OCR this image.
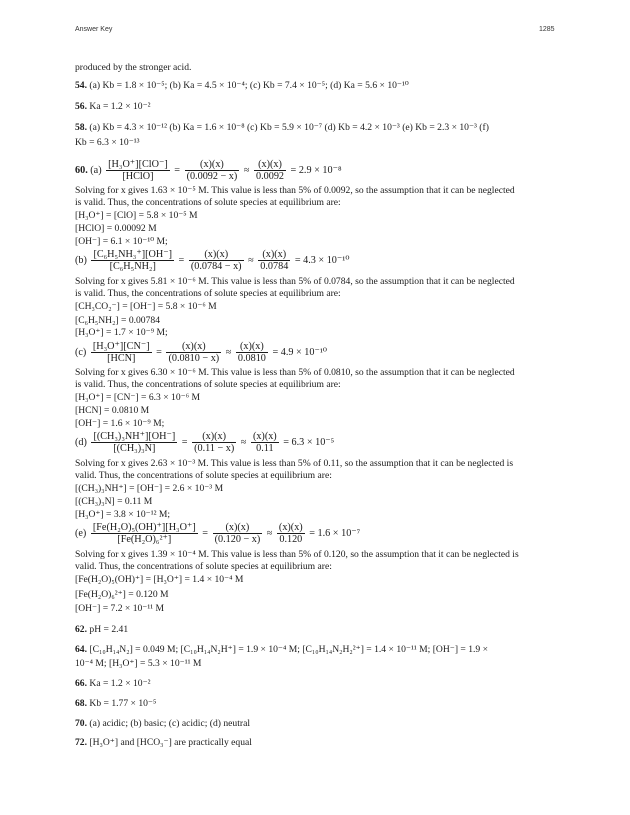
Answer Key	1285
produced by the stronger acid.
54. (a) Kb = 1.8 × 10⁻⁵; (b) Ka = 4.5 × 10⁻⁴; (c) Kb = 7.4 × 10⁻⁵; (d) Ka = 5.6 × 10⁻¹⁰
56. Ka = 1.2 × 10⁻²
58. (a) Kb = 4.3 × 10⁻¹² (b) Ka = 1.6 × 10⁻⁸ (c) Kb = 5.9 × 10⁻⁷ (d) Kb = 4.2 × 10⁻³ (e) Kb = 2.3 × 10⁻³ (f)
Kb = 6.3 × 10⁻¹³
60. $(a) \frac{\text{[H₃O⁺][ClO⁻]}}{\text{[HClO]}} = \frac{(x)(x)}{(0.0092 - x)} \approx \frac{(x)(x)}{0.0092} = 2.9 \times 10^{-8}$
Solving for x gives 1.63 × 10⁻⁵ M. This value is less than 5% of 0.0092, so the assumption that it can be neglected
is valid. Thus, the concentrations of solute species at equilibrium are:
[H₃O⁺] = [ClO] = 5.8 × 10⁻⁵ M
[HClO] = 0.00092 M
[OH⁻] = 6.1 × 10⁻¹⁰ M;
$(b) \frac{\text{[C₆H₅NH₃⁺][OH⁻]}}{\text{[C₆H₅NH₂]}} = \frac{(x)(x)}{(0.0784 - x)} \approx \frac{(x)(x)}{0.0784} = 4.3 \times 10^{-10}$
Solving for x gives 5.81 × 10⁻⁶ M. This value is less than 5% of 0.0784, so the assumption that it can be neglected
is valid. Thus, the concentrations of solute species at equilibrium are:
[CH₃CO₂⁻] = [OH⁻] = 5.8 × 10⁻⁶ M
[C₆H₅NH₂] = 0.00784
[H₃O⁺] = 1.7 × 10⁻⁹ M;
$(c) \frac{\text{[H₃O⁺][CN⁻]}}{\text{[HCN]}} = \frac{(x)(x)}{(0.0810 - x)} \approx \frac{(x)(x)}{0.0810} = 4.9 \times 10^{-10}$
Solving for x gives 6.30 × 10⁻⁶ M. This value is less than 5% of 0.0810, so the assumption that it can be neglected
is valid. Thus, the concentrations of solute species at equilibrium are:
[H₃O⁺] = [CN⁻] = 6.3 × 10⁻⁶ M
[HCN] = 0.0810 M
[OH⁻] = 1.6 × 10⁻⁹ M;
$(d) \frac{\text{[(CH₃)₃NH⁺][OH⁻]}}{\text{[(CH₃)₃N]}} = \frac{(x)(x)}{(0.11 - x)} \approx \frac{(x)(x)}{0.11} = 6.3 \times 10^{-5}$
Solving for x gives 2.63 × 10⁻³ M. This value is less than 5% of 0.11, so the assumption that it can be neglected is
valid. Thus, the concentrations of solute species at equilibrium are:
[(CH₃)₃NH⁺] = [OH⁻] = 2.6 × 10⁻³ M
[(CH₃)₃N] = 0.11 M
[H₃O⁺] = 3.8 × 10⁻¹² M;
$(e) \frac{\text{[Fe(H₂O)₅(OH)⁺][H₃O⁺]}}{\text{[Fe(H₂O)₆²⁺]}} = \frac{(x)(x)}{(0.120 - x)} \approx \frac{(x)(x)}{0.120} = 1.6 \times 10^{-7}$
Solving for x gives 1.39 × 10⁻⁴ M. This value is less than 5% of 0.120, so the assumption that it can be neglected is
valid. Thus, the concentrations of solute species at equilibrium are:
[Fe(H₂O)₅(OH)⁺] = [H₃O⁺] = 1.4 × 10⁻⁴ M
[Fe(H₂O)₆²⁺] = 0.120 M
[OH⁻] = 7.2 × 10⁻¹¹ M
62. pH = 2.41
64. [C₁₀H₁₄N₂] = 0.049 M; [C₁₀H₁₄N₂H⁺] = 1.9 × 10⁻⁴ M; [C₁₀H₁₄N₂H₂²⁺] = 1.4 × 10⁻¹¹ M; [OH⁻] = 1.9 ×
10⁻⁴ M; [H₃O⁺] = 5.3 × 10⁻¹¹ M
66. Ka = 1.2 × 10⁻²
68. Kb = 1.77 × 10⁻⁵
70. (a) acidic; (b) basic; (c) acidic; (d) neutral
72. [H₃O⁺] and [HCO₃⁻] are practically equal
